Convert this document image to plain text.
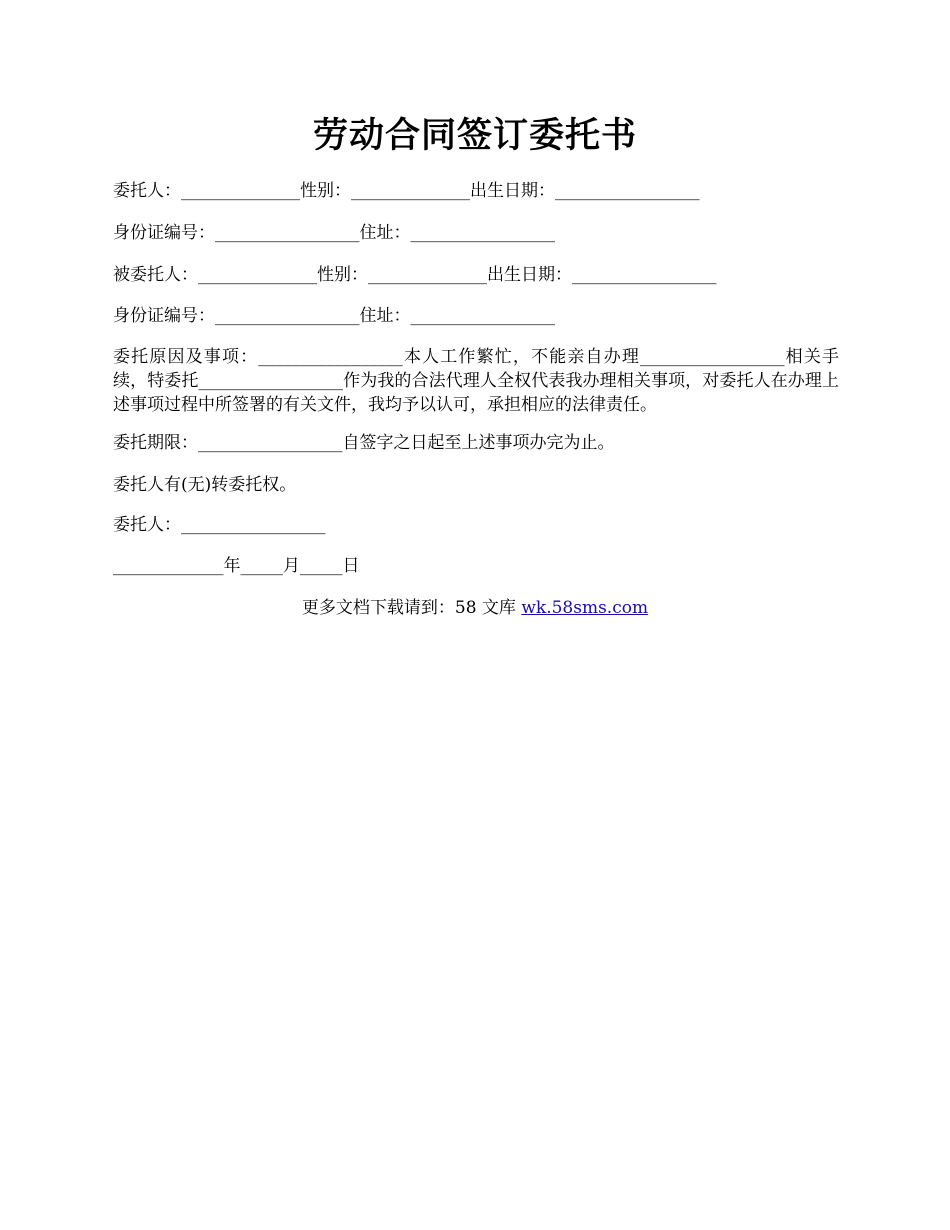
劳动合同签订委托书
委托人：______________性别：______________出生日期：_________________
身份证编号：_________________住址：_________________
被委托人：______________性别：______________出生日期：_________________
身份证编号：_________________住址：_________________
委托原因及事项：_________________本人工作繁忙，不能亲自办理_________________相关手续，特委托_________________作为我的合法代理人全权代表我办理相关事项，对委托人在办理上述事项过程中所签署的有关文件，我均予以认可，承担相应的法律责任。
委托期限：_________________自签字之日起至上述事项办完为止。
委托人有(无)转委托权。
委托人：_________________
_____________年_____月_____日
更多文档下载请到：58 文库 wk.58sms.com
